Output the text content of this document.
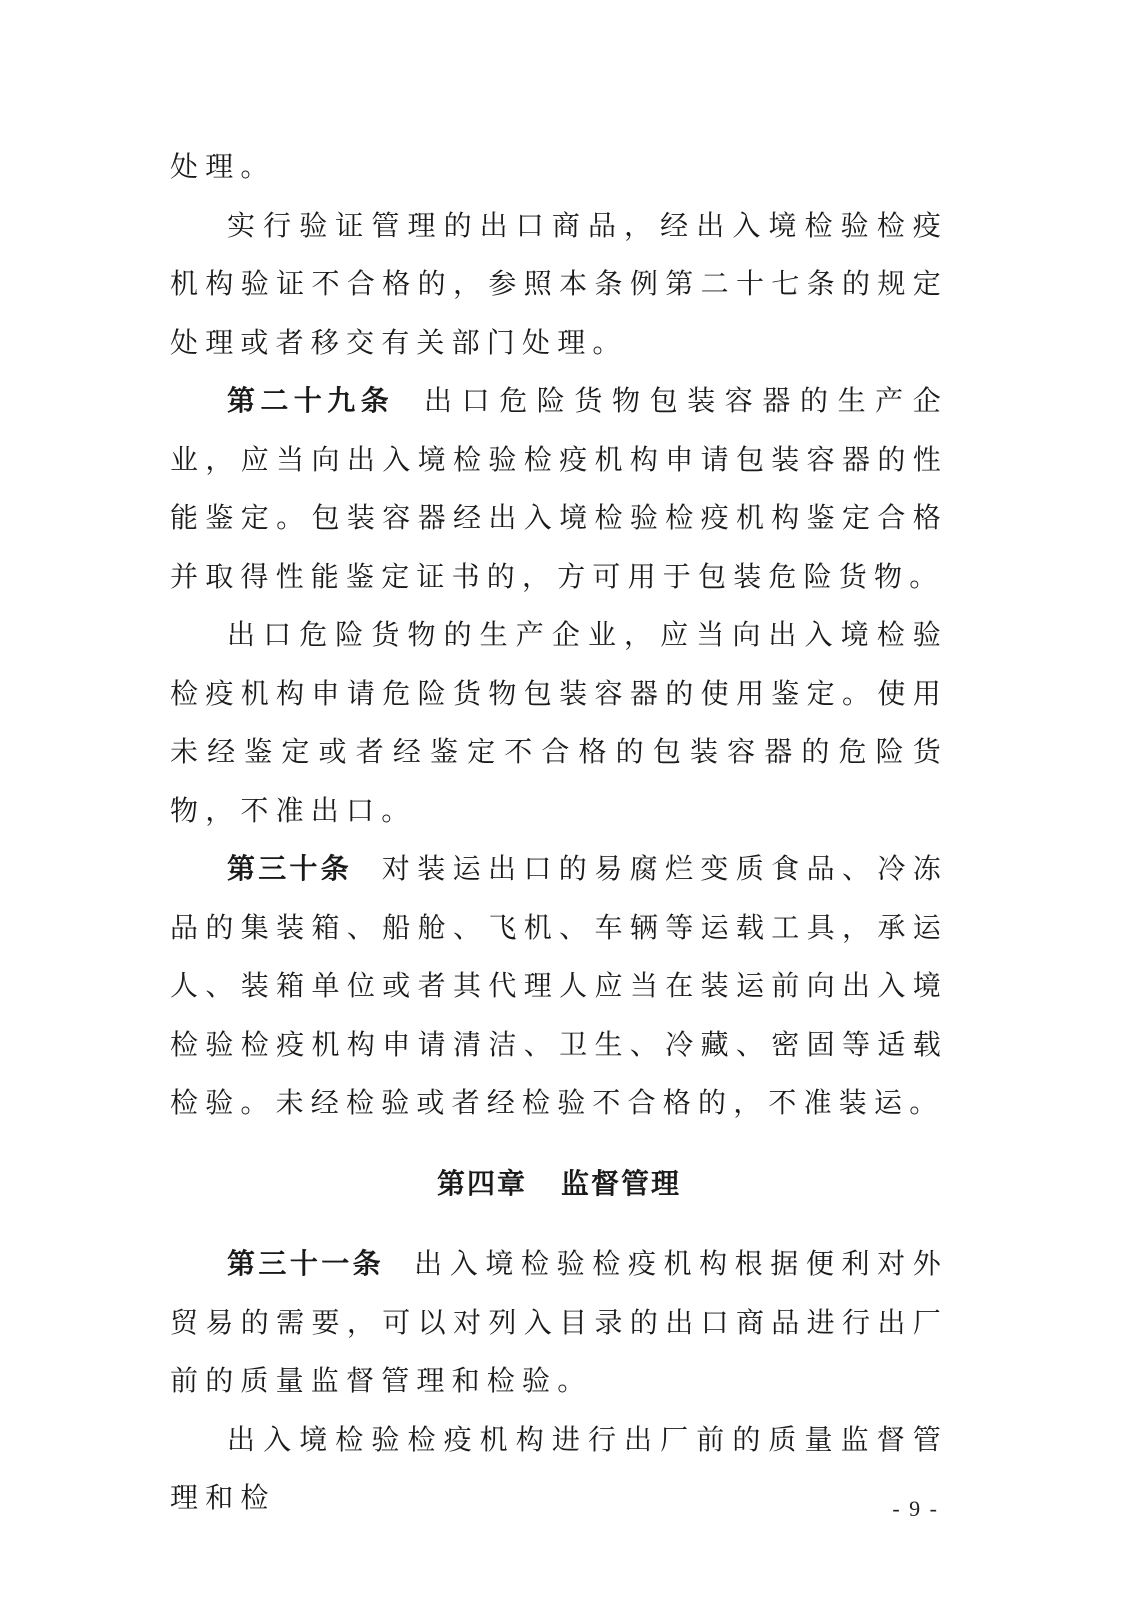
处理。

实行验证管理的出口商品，经出入境检验检疫机构验证不合格的，参照本条例第二十七条的规定处理或者移交有关部门处理。

第二十九条 出口危险货物包装容器的生产企业，应当向出入境检验检疫机构申请包装容器的性能鉴定。包装容器经出入境检验检疫机构鉴定合格并取得性能鉴定证书的，方可用于包装危险货物。

出口危险货物的生产企业，应当向出入境检验检疫机构申请危险货物包装容器的使用鉴定。使用未经鉴定或者经鉴定不合格的包装容器的危险货物，不准出口。

第三十条 对装运出口的易腐烂变质食品、冷冻品的集装箱、船舱、飞机、车辆等运载工具，承运人、装箱单位或者其代理人应当在装运前向出入境检验检疫机构申请清洁、卫生、冷藏、密固等适载检验。未经检验或者经检验不合格的，不准装运。

第四章 监督管理

第三十一条 出入境检验检疫机构根据便利对外贸易的需要，可以对列入目录的出口商品进行出厂前的质量监督管理和检验。

出入境检验检疫机构进行出厂前的质量监督管理和检	- 9 -
